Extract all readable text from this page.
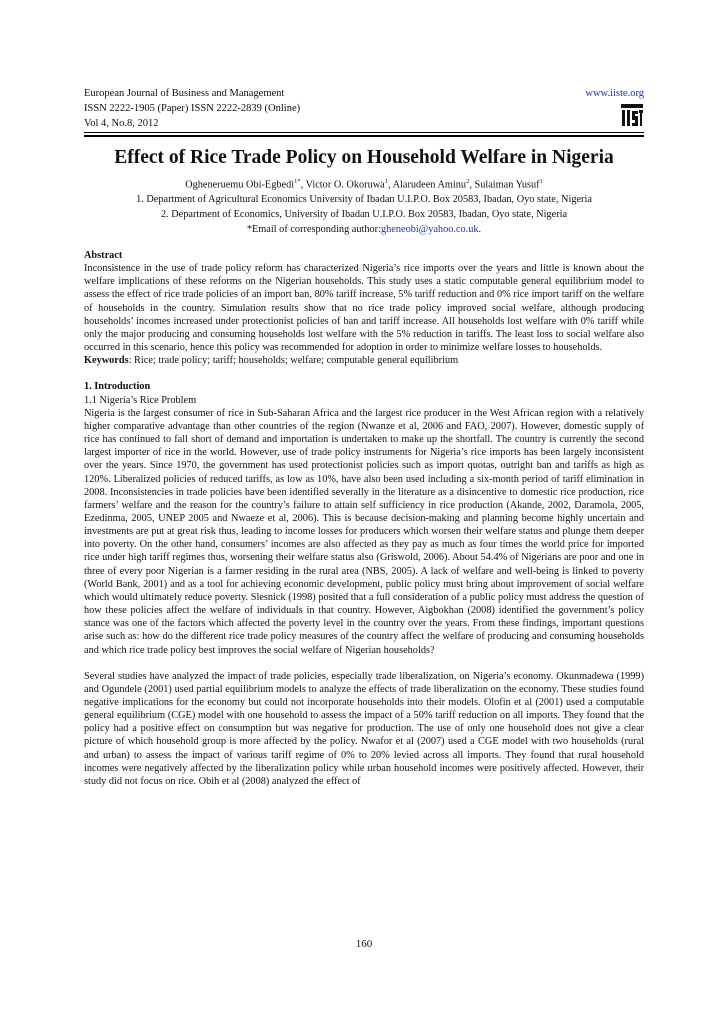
European Journal of Business and Management	www.iiste.org
ISSN 2222-1905 (Paper) ISSN 2222-2839 (Online)
Vol 4, No.8, 2012
Effect of Rice Trade Policy on Household Welfare in Nigeria
Ogheneruemu Obi-Egbedi$^{1*}$, Victor O. Okoruwa$^1$, Alarudeen Aminu$^2$, Sulaiman Yusuf$^1$
1. Department of Agricultural Economics University of Ibadan U.I.P.O. Box 20583, Ibadan, Oyo state, Nigeria
2. Department of Economics, University of Ibadan U.I.P.O. Box 20583, Ibadan, Oyo state, Nigeria
*Email of corresponding author:gheneobi@yahoo.co.uk.

Abstract

Inconsistence in the use of trade policy reform has characterized Nigeria’s rice imports over the years and little is known about the welfare implications of these reforms on the Nigerian households. This study uses a static computable general equilibrium model to assess the effect of rice trade policies of an import ban, 80% tariff increase, 5% tariff reduction and 0% rice import tariff on the welfare of households in the country. Simulation results show that no rice trade policy improved social welfare, although producing households’ incomes increased under protectionist policies of ban and tariff increase. All households lost welfare with 0% tariff while only the major producing and consuming households lost welfare with the 5% reduction in tariffs. The least loss to social welfare also occurred in this scenario, hence this policy was recommended for adoption in order to minimize welfare losses to households.

Keywords: Rice; trade policy; tariff; households; welfare; computable general equilibrium

1. Introduction

1.1 Nigeria’s Rice Problem

Nigeria is the largest consumer of rice in Sub-Saharan Africa and the largest rice producer in the West African region with a relatively higher comparative advantage than other countries of the region (Nwanze et al, 2006 and FAO, 2007). However, domestic supply of rice has continued to fall short of demand and importation is undertaken to make up the shortfall. The country is currently the second largest importer of rice in the world. However, use of trade policy instruments for Nigeria’s rice imports has been largely inconsistent over the years. Since 1970, the government has used protectionist policies such as import quotas, outright ban and tariffs as high as 120%. Liberalized policies of reduced tariffs, as low as 10%, have also been used including a six-month period of tariff elimination in 2008. Inconsistencies in trade policies have been identified severally in the literature as a disincentive to domestic rice production, rice farmers’ welfare and the reason for the country’s failure to attain self sufficiency in rice production (Akande, 2002, Daramola, 2005, Ezedinma, 2005, UNEP 2005 and Nwaeze et al, 2006). This is because decision-making and planning become highly uncertain and investments are put at great risk thus, leading to income losses for producers which worsen their welfare status and plunge them deeper into poverty. On the other hand, consumers’ incomes are also affected as they pay as much as four times the world price for imported rice under high tariff regimes thus, worsening their welfare status also (Griswold, 2006). About 54.4% of Nigerians are poor and one in three of every poor Nigerian is a farmer residing in the rural area (NBS, 2005). A lack of welfare and well-being is linked to poverty (World Bank, 2001) and as a tool for achieving economic development, public policy must bring about improvement of social welfare which would ultimately reduce poverty. Slesnick (1998) posited that a full consideration of a public policy must address the question of how these policies affect the welfare of individuals in that country. However, Aigbokhan (2008) identified the government’s policy stance was one of the factors which affected the poverty level in the country over the years. From these findings, important questions arise such as: how do the different rice trade policy measures of the country affect the welfare of producing and consuming households and which rice trade policy best improves the social welfare of Nigerian households?

Several studies have analyzed the impact of trade policies, especially trade liberalization, on Nigeria’s economy. Okunmadewa (1999) and Ogundele (2001) used partial equilibrium models to analyze the effects of trade liberalization on the economy. These studies found negative implications for the economy but could not incorporate households into their models. Olofin et al (2001) used a computable general equilibrium (CGE) model with one household to assess the impact of a 50% tariff reduction on all imports. They found that the policy had a positive effect on consumption but was negative for production. The use of only one household does not give a clear picture of which household group is more affected by the policy. Nwafor et al (2007) used a CGE model with two households (rural and urban) to assess the impact of various tariff regime of 0% to 20% levied across all imports. They found that rural household incomes were negatively affected by the liberalization policy while urban household incomes were positively affected. However, their study did not focus on rice. Obih et al (2008) analyzed the effect of

160
